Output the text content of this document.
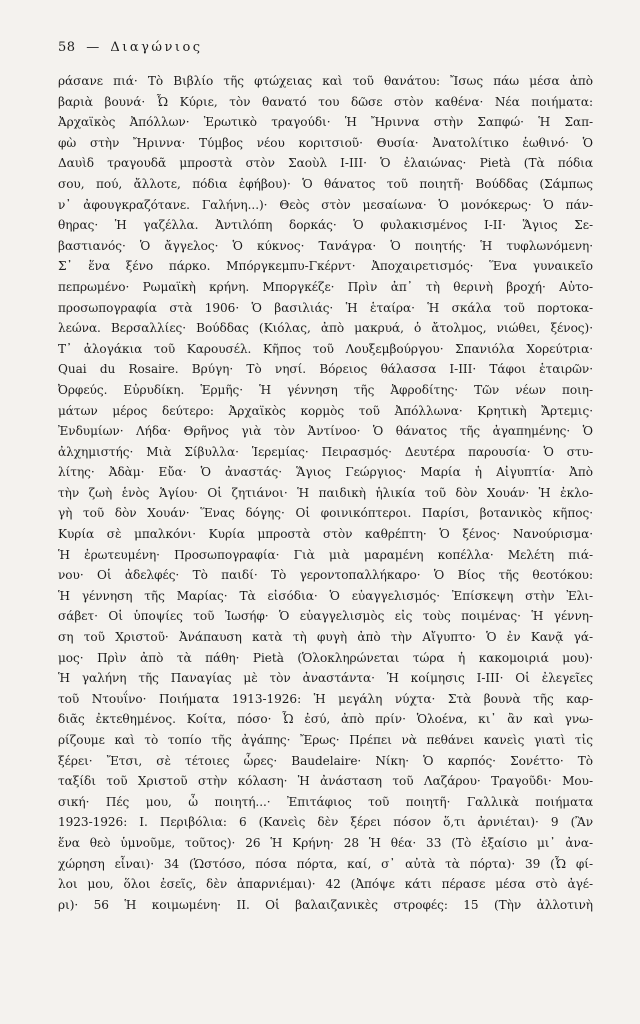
58 — Διαγώνιος
ράσανε πιά· Τὸ Βιβλίο τῆς φτώχειας καὶ τοῦ θανάτου: Ἴσως πάω μέσα ἀπὸ
βαριὰ βουνά· Ὦ Κύριε, τὸν θανατό του δῶσε στὸν καθένα· Νέα ποιήματα:
Ἀρχαϊκὸς Ἀπόλλων· Ἐρωτικὸ τραγούδι· Ἡ Ἤριννα στὴν Σαπφώ· Ἡ Σαπ-
φὼ στὴν Ἤριννα· Τύμβος νέου κοριτσιοῦ· Θυσία· Ἀνατολίτικο ἑωθινό· Ὁ
Δαυὶδ τραγουδᾶ μπροστὰ στὸν Σαοὺλ I-III· Ὁ ἐλαιώνας· Pietà (Τὰ πόδια
σου, πού, ἄλλοτε, πόδια ἐφήβου)· Ὁ θάνατος τοῦ ποιητῆ· Βούδδας (Σάμπως
ν᾽ ἀφουγκραζότανε. Γαλήνη...)· Θεὸς στὸν μεσαίωνα· Ὁ μονόκερως· Ὁ πάν-
θηρας· Ἡ γαζέλλα. Ἀντιλόπη δορκάς· Ὁ φυλακισμένος I-II· Ἅγιος Σε-
βαστιανός· Ὁ ἄγγελος· Ὁ κύκνος· Τανάγρα· Ὁ ποιητής· Ἡ τυφλωνόμενη·
Σ᾽ ἕνα ξένο πάρκο. Μπόργκεμπυ-Γκέρντ· Ἀποχαιρετισμός· Ἕνα γυναικεῖο
πεπρωμένο· Ρωμαϊκὴ κρήνη. Μποργκέζε· Πρὶν ἀπ᾽ τὴ θερινὴ βροχή· Αὐτο-
προσωπογραφία στὰ 1906· Ὁ βασιλιάς· Ἡ ἑταίρα· Ἡ σκάλα τοῦ πορτοκα-
λεώνα. Βερσαλλίες· Βούδδας (Κιόλας, ἀπὸ μακρυά, ὁ ἄτολμος, νιώθει, ξένος)·
Τ᾽ ἀλογάκια τοῦ Καρουσέλ. Κῆπος τοῦ Λουξεμβούργου· Σπανιόλα Χορεύτρια·
Quai du Rosaire. Βρύγη· Τὸ νησί. Βόρειος θάλασσα I-III· Τάφοι ἑταιρῶν·
Ὀρφεύς. Εὐρυδίκη. Ἑρμῆς· Ἡ γέννηση τῆς Ἀφροδίτης· Τῶν νέων ποιη-
μάτων μέρος δεύτερο: Ἀρχαϊκὸς κορμὸς τοῦ Ἀπόλλωνα· Κρητικὴ Ἄρτεμις·
Ἐνδυμίων· Λήδα· Θρῆνος γιὰ τὸν Ἀντίνοο· Ὁ θάνατος τῆς ἀγαπημένης· Ὁ
ἀλχημιστής· Μιὰ Σίβυλλα· Ἱερεμίας· Πειρασμός· Δευτέρα παρουσία· Ὁ στυ-
λίτης· Ἀδὰμ· Εὔα· Ὁ ἀναστάς· Ἅγιος Γεώργιος· Μαρία ἡ Αἰγυπτία· Ἀπὸ
τὴν ζωὴ ἑνὸς Ἁγίου· Οἱ ζητιάνοι· Ἡ παιδικὴ ἡλικία τοῦ δὸν Χουάν· Ἡ ἐκλο-
γὴ τοῦ δὸν Χουάν· Ἕνας δόγης· Οἱ φοινικόπτεροι. Παρίσι, βοτανικὸς κῆπος·
Κυρία σὲ μπαλκόνι· Κυρία μπροστὰ στὸν καθρέπτη· Ὁ ξένος· Νανούρισμα·
Ἡ ἐρωτευμένη· Προσωπογραφία· Γιὰ μιὰ μαραμένη κοπέλλα· Μελέτη πιά-
νου· Οἱ ἀδελφές· Τὸ παιδί· Τὸ γεροντοπαλλήκαρο· Ὁ Βίος τῆς θεοτόκου:
Ἡ γέννηση τῆς Μαρίας· Τὰ εἰσόδια· Ὁ εὐαγγελισμός· Ἐπίσκεψη στὴν Ἐλι-
σάβετ· Οἱ ὑποψίες τοῦ Ἰωσήφ· Ὁ εὐαγγελισμὸς εἰς τοὺς ποιμένας· Ἡ γέννη-
ση τοῦ Χριστοῦ· Ἀνάπαυση κατὰ τὴ φυγὴ ἀπὸ τὴν Αἴγυπτο· Ὁ ἐν Κανᾷ γά-
μος· Πρὶν ἀπὸ τὰ πάθη· Pietà (Ὁλοκληρώνεται τώρα ἡ κακομοιριά μου)·
Ἡ γαλήνη τῆς Παναγίας μὲ τὸν ἀναστάντα· Ἡ κοίμησις I-III· Οἱ ἐλεγεῖες
τοῦ Ντουΐνο· Ποιήματα 1913-1926: Ἡ μεγάλη νύχτα· Στὰ βουνὰ τῆς καρ-
διᾶς ἐκτεθημένος. Κοίτα, πόσο· Ὦ ἐσύ, ἀπὸ πρίν· Ὁλοένα, κι᾽ ἂν καὶ γνω-
ρίζουμε καὶ τὸ τοπίο τῆς ἀγάπης· Ἔρως· Πρέπει νὰ πεθάνει κανεὶς γιατὶ τἰς
ξέρει· Ἔτσι, σὲ τέτοιες ὧρες· Baudelaire· Νίκη· Ὁ καρπός· Σονέττο· Τὸ
ταξίδι τοῦ Χριστοῦ στὴν κόλαση· Ἡ ἀνάσταση τοῦ Λαζάρου· Τραγοῦδι· Μου-
σική· Πές μου, ὦ ποιητή...· Ἐπιτάφιος τοῦ ποιητῆ· Γαλλικὰ ποιήματα
1923-1926: I. Περιβόλια: 6 (Κανεὶς δὲν ξέρει πόσον ὅ,τι ἀρνιέται)· 9 (Ἂν
ἕνα θεὸ ὑμνοῦμε, τοῦτος)· 26 Ἡ Κρήνη· 28 Ἡ θέα· 33 (Τὸ ἐξαίσιο μι᾽ ἀνα-
χώρηση εἶναι)· 34 (Ὡστόσο, πόσα πόρτα, καί, σ᾽ αὐτὰ τὰ πόρτα)· 39 (Ὦ φί-
λοι μου, ὅλοι ἐσεῖς, δὲν ἀπαρνιέμαι)· 42 (Ἀπόψε κάτι πέρασε μέσα στὸ ἀγέ-
ρι)· 56 Ἡ κοιμωμένη· II. Οἱ βαλαιζανικὲς στροφές: 15 (Τὴν ἀλλοτινὴ
